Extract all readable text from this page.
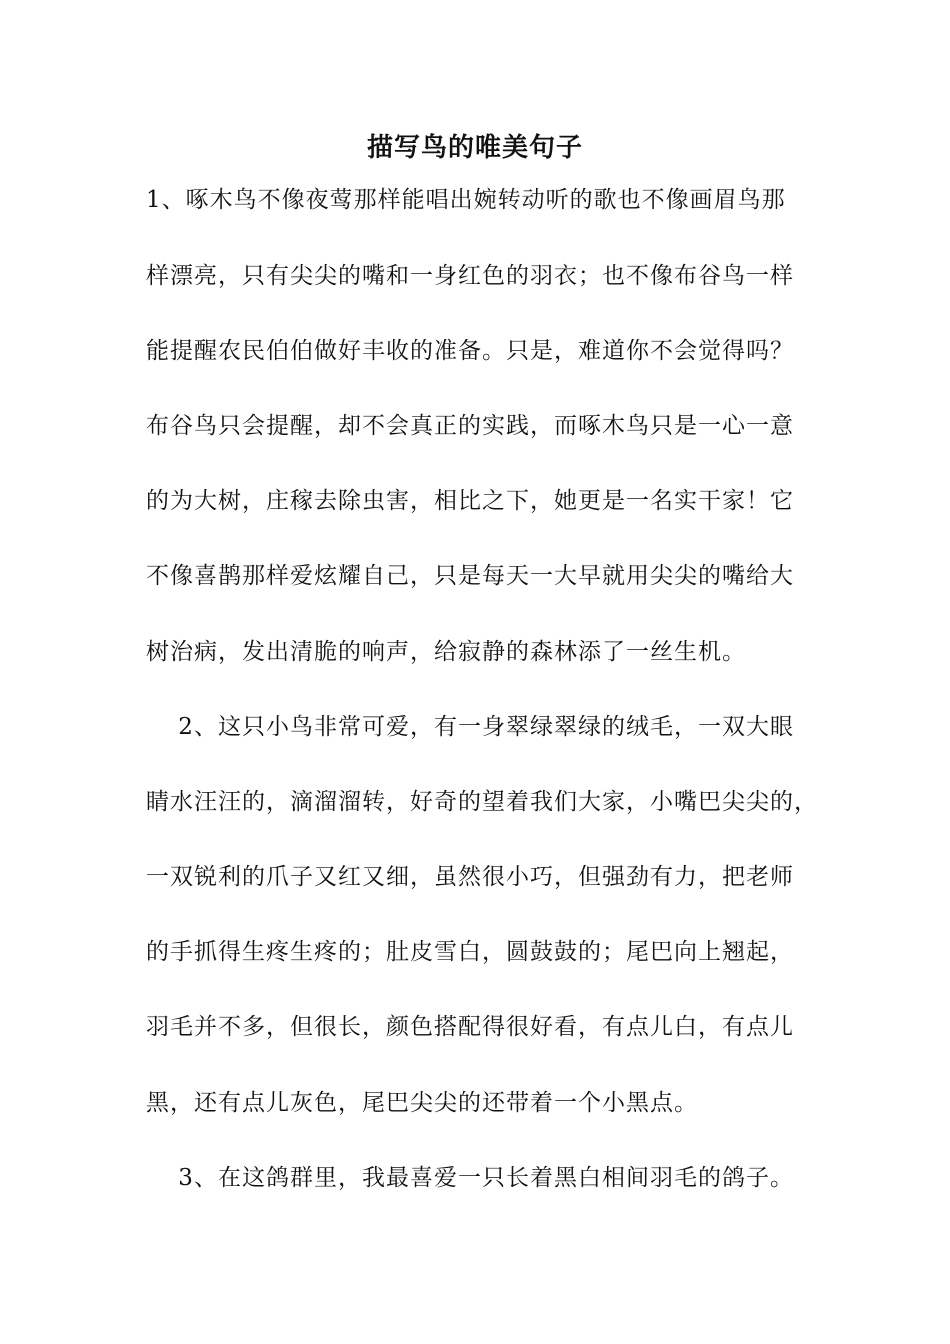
描写鸟的唯美句子
1、啄木鸟不像夜莺那样能唱出婉转动听的歌也不像画眉鸟那
样漂亮，只有尖尖的嘴和一身红色的羽衣；也不像布谷鸟一样
能提醒农民伯伯做好丰收的准备。只是，难道你不会觉得吗？
布谷鸟只会提醒，却不会真正的实践，而啄木鸟只是一心一意
的为大树，庄稼去除虫害，相比之下，她更是一名实干家！它
不像喜鹊那样爱炫耀自己，只是每天一大早就用尖尖的嘴给大
树治病，发出清脆的响声，给寂静的森林添了一丝生机。
　 2、这只小鸟非常可爱，有一身翠绿翠绿的绒毛，一双大眼
睛水汪汪的，滴溜溜转，好奇的望着我们大家，小嘴巴尖尖的，
一双锐利的爪子又红又细，虽然很小巧，但强劲有力，把老师
的手抓得生疼生疼的；肚皮雪白，圆鼓鼓的；尾巴向上翘起，
羽毛并不多，但很长，颜色搭配得很好看，有点儿白，有点儿
黑，还有点儿灰色，尾巴尖尖的还带着一个小黑点。
　 3、在这鸽群里，我最喜爱一只长着黑白相间羽毛的鸽子。
